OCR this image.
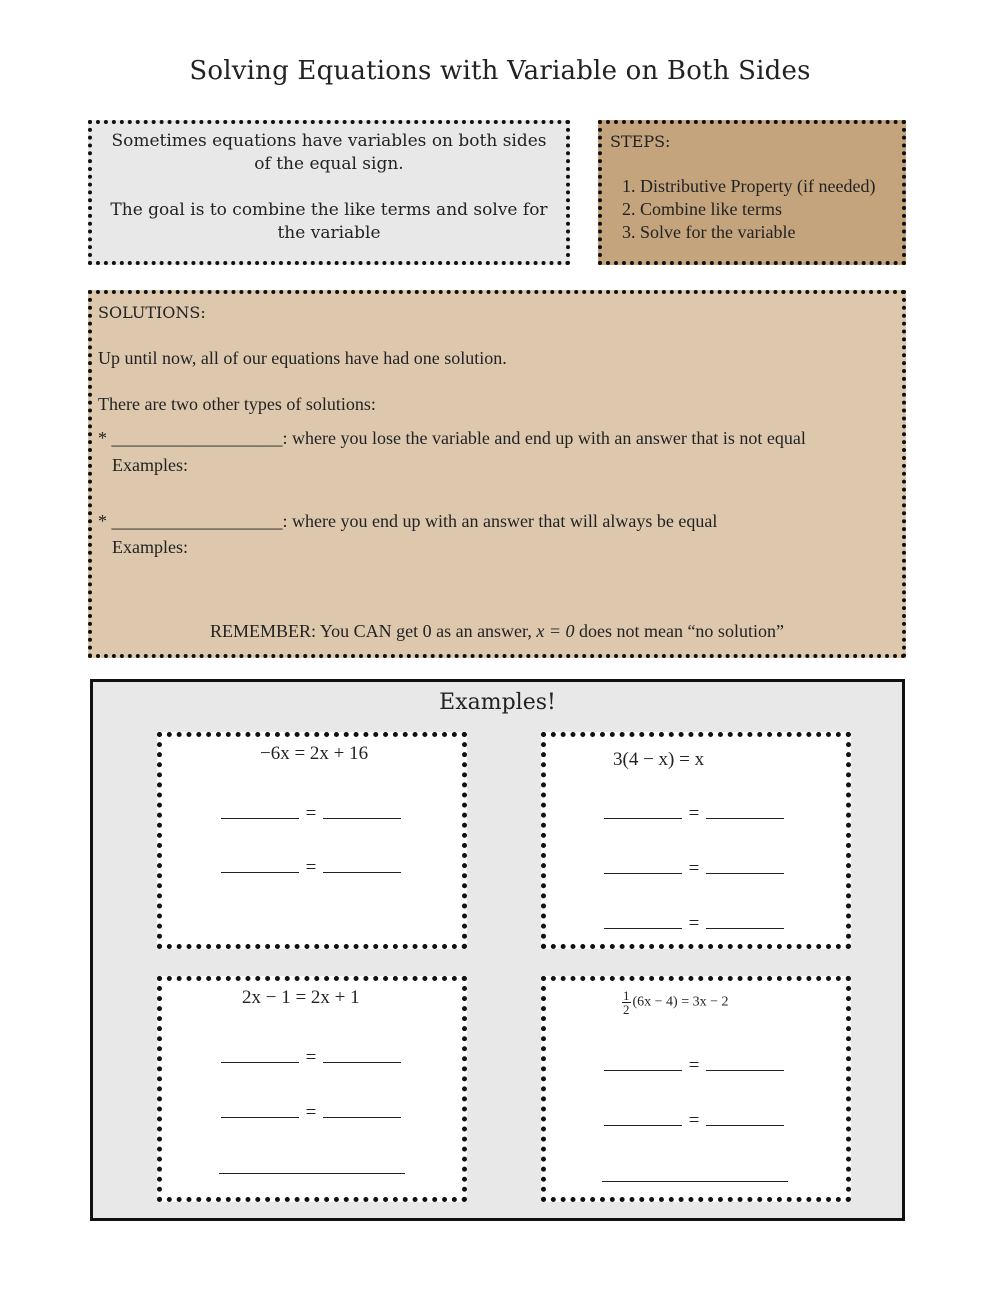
Solving Equations with Variable on Both Sides

Sometimes equations have variables on both sides of the equal sign.

The goal is to combine the like terms and solve for the variable

STEPS:
1. Distributive Property (if needed)
2. Combine like terms
3. Solve for the variable
SOLUTIONS:
Up until now, all of our equations have had one solution.
There are two other types of solutions:
* ___________________: where you lose the variable and end up with an answer that is not equal
Examples:
* ___________________: where you end up with an answer that will always be equal
Examples:
REMEMBER: You CAN get 0 as an answer, x = 0 does not mean “no solution”
Examples!
−6x = 2x + 16
=
=
3(4 − x) = x
=
=
=
2x − 1 = 2x + 1
=
=
$\frac{1}{2} (6x - 4) = 3x - 2$
=
=
